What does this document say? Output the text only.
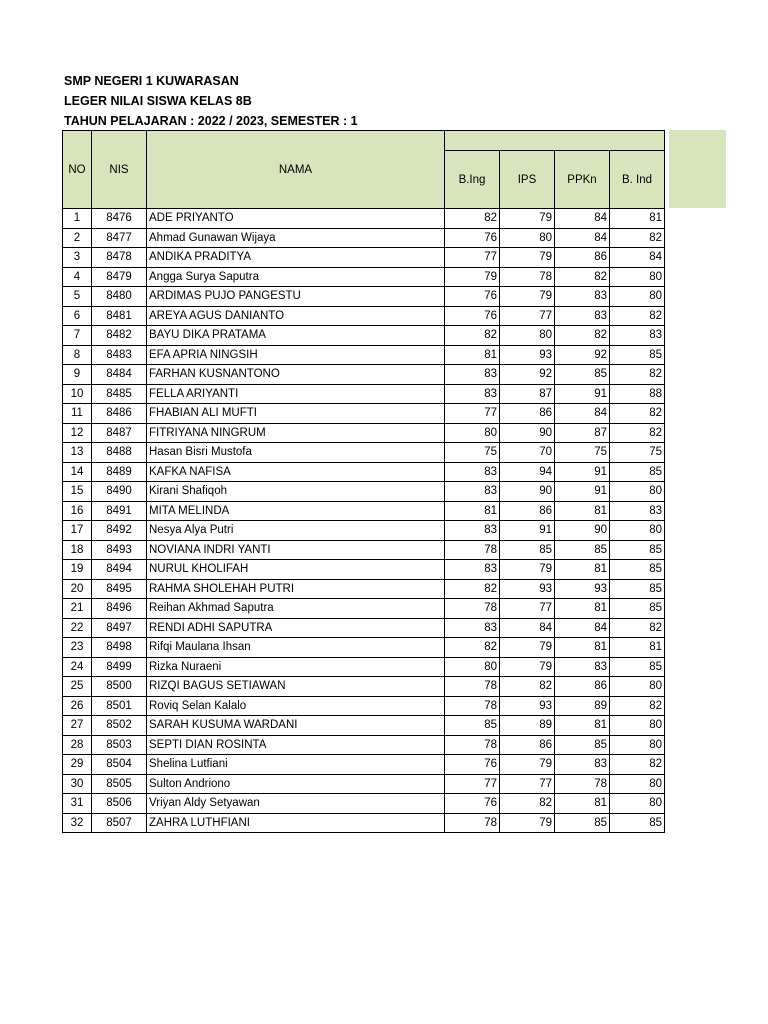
SMP NEGERI 1 KUWARASAN
LEGER NILAI SISWA KELAS 8B
TAHUN PELAJARAN : 2022 / 2023, SEMESTER : 1
NO	NIS	NAMA				
			B.Ing	IPS	PPKn	B. Ind
1	8476	ADE PRIYANTO	82	79	84	81
2	8477	Ahmad Gunawan Wijaya	76	80	84	82
3	8478	ANDIKA PRADITYA	77	79	86	84
4	8479	Angga Surya Saputra	79	78	82	80
5	8480	ARDIMAS PUJO PANGESTU	76	79	83	80
6	8481	AREYA AGUS DANIANTO	76	77	83	82
7	8482	BAYU DIKA PRATAMA	82	80	82	83
8	8483	EFA APRIA NINGSIH	81	93	92	85
9	8484	FARHAN KUSNANTONO	83	92	85	82
10	8485	FELLA ARIYANTI	83	87	91	88
11	8486	FHABIAN ALI MUFTI	77	86	84	82
12	8487	FITRIYANA NINGRUM	80	90	87	82
13	8488	Hasan Bisri Mustofa	75	70	75	75
14	8489	KAFKA NAFISA	83	94	91	85
15	8490	Kirani Shafiqoh	83	90	91	80
16	8491	MITA MELINDA	81	86	81	83
17	8492	Nesya Alya Putri	83	91	90	80
18	8493	NOVIANA INDRI YANTI	78	85	85	85
19	8494	NURUL KHOLIFAH	83	79	81	85
20	8495	RAHMA SHOLEHAH PUTRI	82	93	93	85
21	8496	Reihan Akhmad Saputra	78	77	81	85
22	8497	RENDI ADHI SAPUTRA	83	84	84	82
23	8498	Rifqi Maulana Ihsan	82	79	81	81
24	8499	Rizka Nuraeni	80	79	83	85
25	8500	RIZQI BAGUS SETIAWAN	78	82	86	80
26	8501	Roviq Selan Kalalo	78	93	89	82
27	8502	SARAH KUSUMA WARDANI	85	89	81	80
28	8503	SEPTI DIAN ROSINTA	78	86	85	80
29	8504	Shelina Lutfiani	76	79	83	82
30	8505	Sulton Andriono	77	77	78	80
31	8506	Vriyan Aldy Setyawan	76	82	81	80
32	8507	ZAHRA LUTHFIANI	78	79	85	85
